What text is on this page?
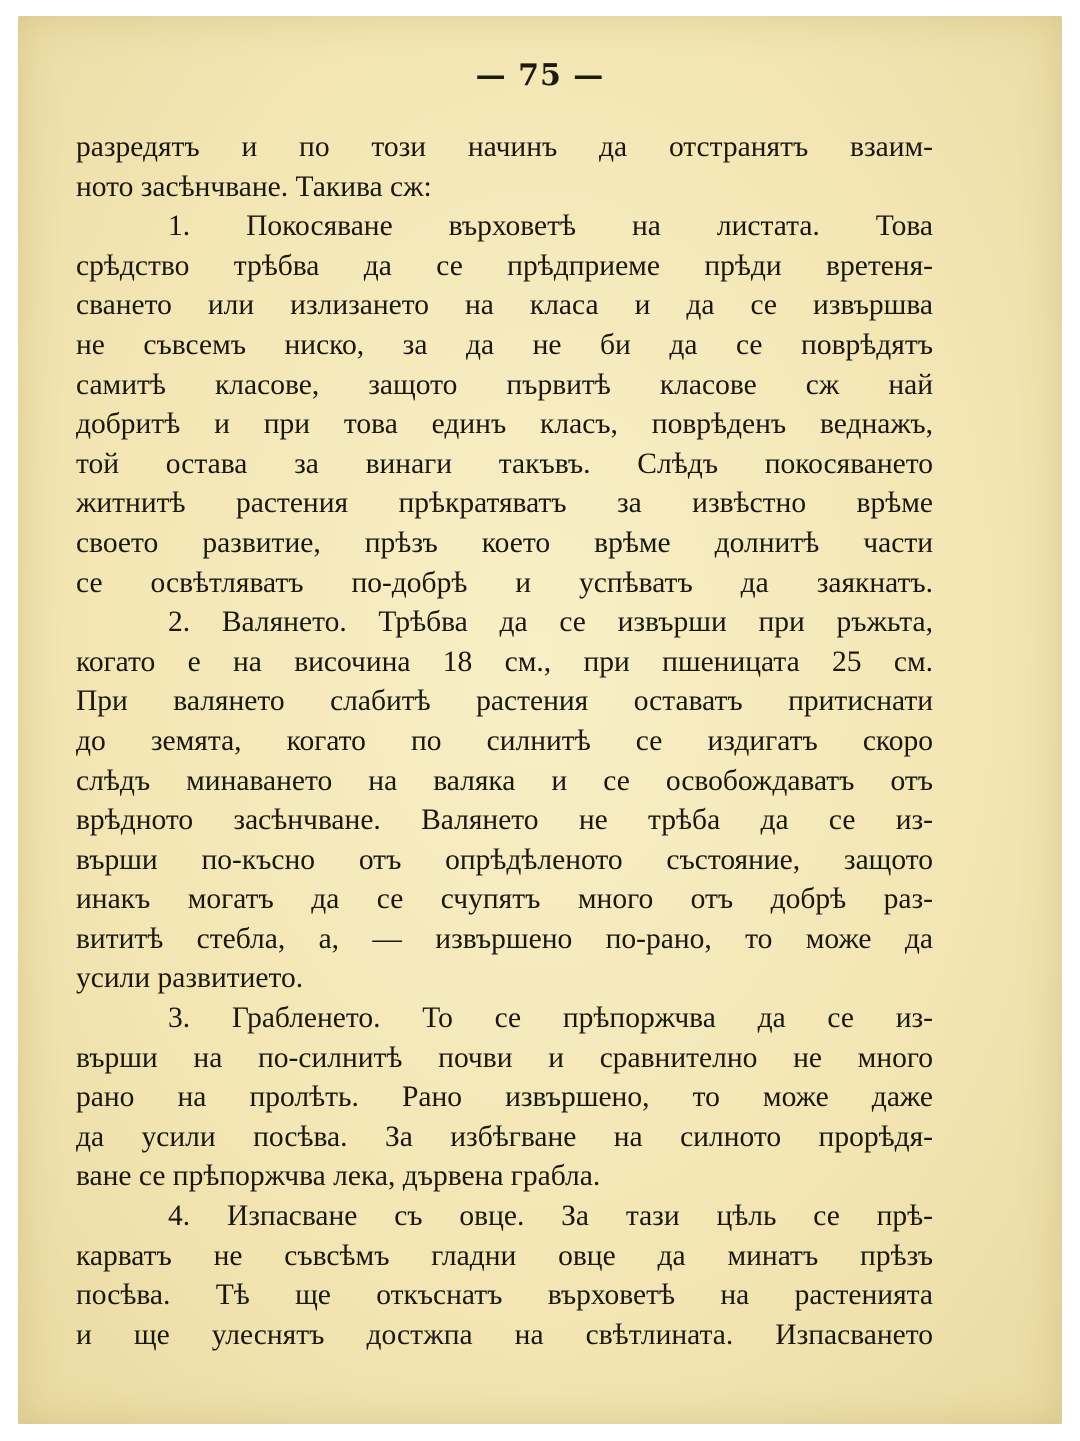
— 75 —
разредятъ и по този начинъ да отстранятъ взаим-
ното засѣнчване. Такива сж:
1. Покосяване върховетѣ на листата. Това
срѣдство трѣбва да се прѣдприеме прѣди вретеня-
сването или излизането на класа и да се извършва
не съвсемъ ниско, за да не би да се поврѣдятъ
самитѣ класове, защото първитѣ класове сж най
добритѣ и при това единъ класъ, поврѣденъ веднажъ,
той остава за винаги такъвъ. Слѣдъ покосяването
житнитѣ растения прѣкратяватъ за извѣстно врѣме
своето развитие, прѣзъ което врѣме долнитѣ части
се освѣтляватъ по-добрѣ и успѣватъ да заякнатъ.
2. Валянето. Трѣбва да се извърши при ръжьта,
когато е на височина 18 см., при пшеницата 25 см.
При валянето слабитѣ растения оставатъ притиснати
до земята, когато по силнитѣ се издигатъ скоро
слѣдъ минаването на валяка и се освобождаватъ отъ
врѣдното засѣнчване. Валянето не трѣба да се из-
върши по-късно отъ опрѣдѣленото състояние, защото
инакъ могатъ да се счупятъ много отъ добрѣ раз-
вититѣ стебла, а, — извършено по-рано, то може да
усили развитието.
3. Грабленето. То се прѣпоржчва да се из-
върши на по-силнитѣ почви и сравнително не много
рано на пролѣть. Рано извършено, то може даже
да усили посѣва. За избѣгване на силното прорѣдя-
ване се прѣпоржчва лека, дървена грабла.
4. Изпасване съ овце. За тази цѣль се прѣ-
карватъ не съвсѣмъ гладни овце да минатъ прѣзъ
посѣва. Тѣ ще откъснатъ върховетѣ на растенията
и ще улеснятъ достжпа на свѣтлината. Изпасването
